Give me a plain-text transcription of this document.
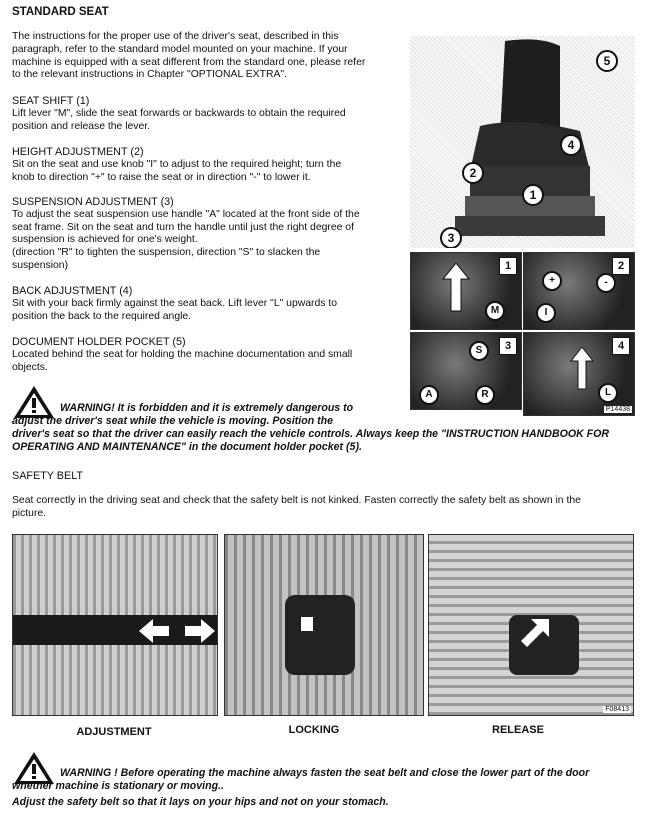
STANDARD SEAT
The instructions for the proper use of the driver's seat, described in this
paragraph, refer to the standard model mounted on your machine. If your
machine is equipped with a seat different from the standard one, please refer
to the relevant instructions in Chapter "OPTIONAL EXTRA".
SEAT SHIFT (1)
Lift lever "M", slide the seat forwards or backwards to obtain the required
position and release the lever.
HEIGHT ADJUSTMENT (2)
Sit on the seat and use knob "I" to adjust to the required height; turn the
knob to direction "+" to raise the seat or in direction "-" to lower it.
SUSPENSION ADJUSTMENT (3)
To adjust the seat suspension use handle "A" located at the front side of the
seat frame. Sit on the seat and turn the handle until just the right degree of
suspension is achieved for one's weight.
(direction "R" to tighten the suspension, direction "S" to slacken the
suspension)
BACK ADJUSTMENT (4)
Sit with your back firmly against the seat back. Lift lever "L" upwards to
position the back to the required angle.
DOCUMENT HOLDER POCKET (5)
Located behind the seat for holding the machine documentation and small
objects.
WARNING! It is forbidden and it is extremely dangerous to
adjust the driver's seat while the vehicle is moving. Position the
driver's seat so that the driver can easily reach the vehicle controls. Always keep the "INSTRUCTION HANDBOOK FOR
OPERATING AND MAINTENANCE" in the document holder pocket (5).
5
4
2
1
3
1
M
2
+	-
I
3
S
A	R
4
L
P14438
SAFETY BELT
Seat correctly in the driving seat and check that the safety belt is not kinked. Fasten correctly the safety belt as shown in the
picture.
F08413
ADJUSTMENT	LOCKING	RELEASE
WARNING ! Before operating the machine always fasten the seat belt and close the lower part of the door
whether machine is stationary or moving..
Adjust the safety belt so that it lays on your hips and not on your stomach.
